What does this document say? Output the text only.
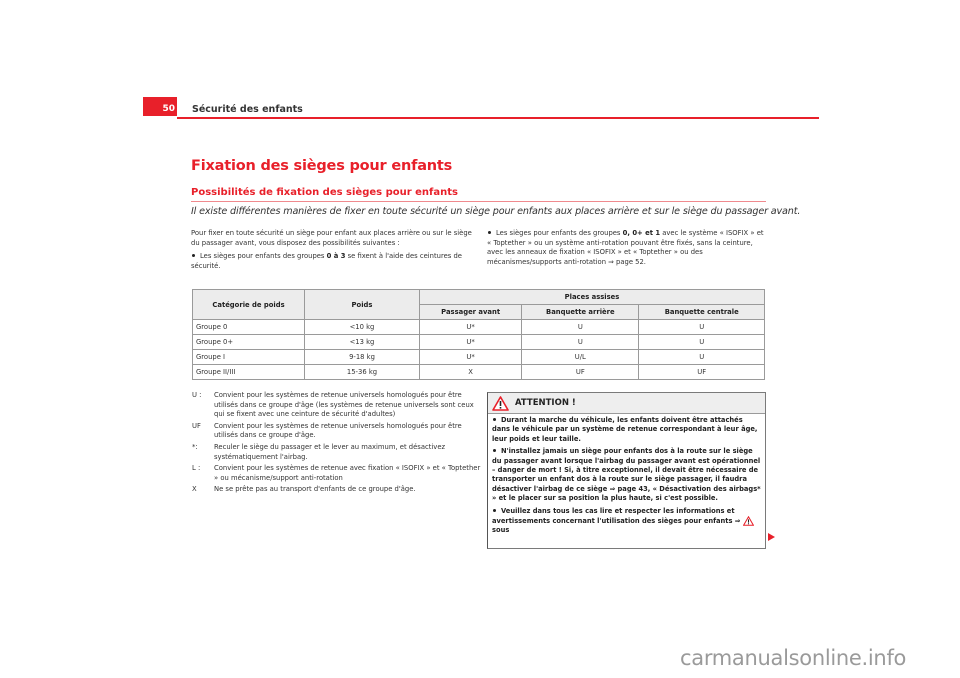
50 Sécurité des enfants
Fixation des sièges pour enfants
Possibilités de fixation des sièges pour enfants
Il existe différentes manières de fixer en toute sécurité un siège pour enfants aux places arrière et sur le siège du passager avant.

Pour fixer en toute sécurité un siège pour enfant aux places arrière ou sur le siège du passager avant, vous disposez des possibilités suivantes :

Les sièges pour enfants des groupes 0 à 3 se fixent à l'aide des ceintures de sécurité.

Les sièges pour enfants des groupes 0, 0+ et 1 avec le système « ISOFIX » et « Toptether » ou un système anti-rotation pouvant être fixés, sans la ceinture, avec les anneaux de fixation « ISOFIX » et « Toptether » ou des mécanismes/supports anti-rotation ⇒ page 52.

Catégorie de poids	Poids	Places assises		
		Passager avant	Banquette arrière	Banquette centrale
Groupe 0	<10 kg	U*	U	U
Groupe 0+	<13 kg	U*	U	U
Groupe I	9-18 kg	U*	U/L	U
Groupe II/III	15-36 kg	X	UF	UF
U :	Convient pour les systèmes de retenue universels homologués pour être utilisés dans ce groupe d'âge (les systèmes de retenue universels sont ceux qui se fixent avec une ceinture de sécurité d'adultes)
UF	Convient pour les systèmes de retenue universels homologués pour être utilisés dans ce groupe d'âge.
*:	Reculer le siège du passager et le lever au maximum, et désactivez systématiquement l'airbag.
L :	Convient pour les systèmes de retenue avec fixation « ISOFIX » et « Toptether » ou mécanisme/support anti-rotation
X	Ne se prête pas au transport d'enfants de ce groupe d'âge.
ATTENTION !

Durant la marche du véhicule, les enfants doivent être attachés dans le véhicule par un système de retenue correspondant à leur âge, leur poids et leur taille.

N'installez jamais un siège pour enfants dos à la route sur le siège du passager avant lorsque l'airbag du passager avant est opérationnel – danger de mort ! Si, à titre exceptionnel, il devait être nécessaire de transporter un enfant dos à la route sur le siège passager, il faudra désactiver l'airbag de ce siège ⇒ page 43, « Désactivation des airbags* » et le placer sur sa position la plus haute, si c'est possible.

Veuillez dans tous les cas lire et respecter les informations et avertissements concernant l'utilisation des sièges pour enfants ⇒  sous

carmanualsonline.info
